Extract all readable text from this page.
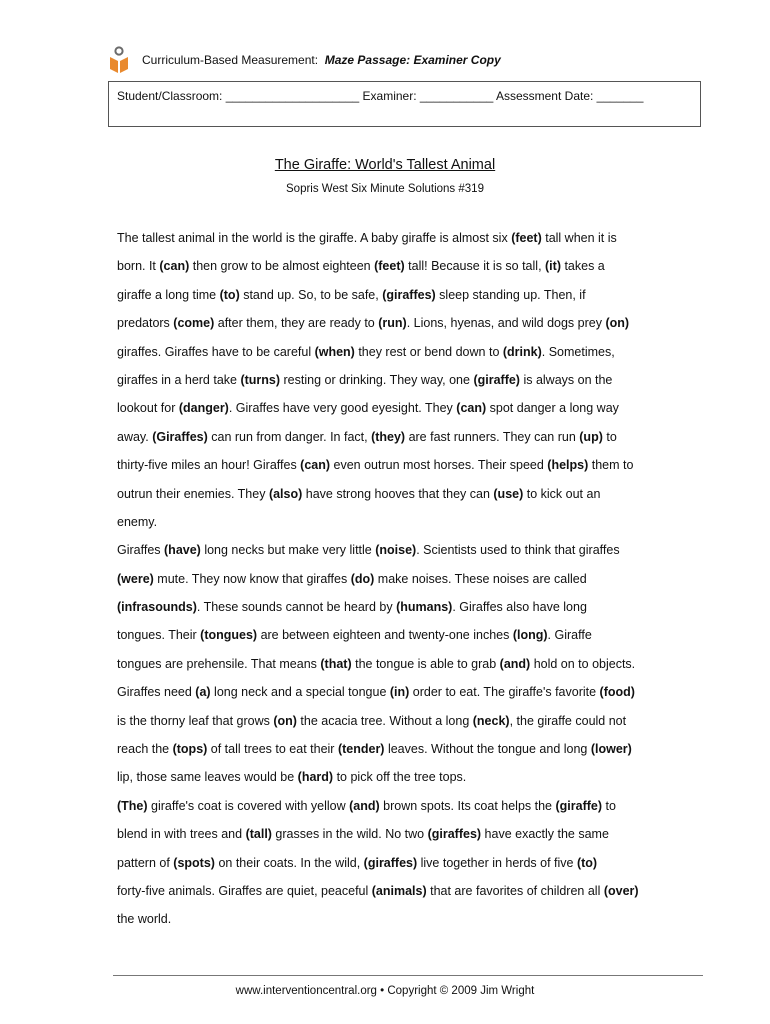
Curriculum-Based Measurement: Maze Passage: Examiner Copy
Student/Classroom: ____________________ Examiner: ___________ Assessment Date: _______
The Giraffe: World's Tallest Animal
Sopris West Six Minute Solutions #319
The tallest animal in the world is the giraffe. A baby giraffe is almost six (feet) tall when it is
born. It (can) then grow to be almost eighteen (feet) tall! Because it is so tall, (it) takes a
giraffe a long time (to) stand up. So, to be safe, (giraffes) sleep standing up. Then, if
predators (come) after them, they are ready to (run). Lions, hyenas, and wild dogs prey (on)
giraffes. Giraffes have to be careful (when) they rest or bend down to (drink). Sometimes,
giraffes in a herd take (turns) resting or drinking. They way, one (giraffe) is always on the
lookout for (danger). Giraffes have very good eyesight. They (can) spot danger a long way
away. (Giraffes) can run from danger. In fact, (they) are fast runners. They can run (up) to
thirty-five miles an hour! Giraffes (can) even outrun most horses. Their speed (helps) them to
outrun their enemies. They (also) have strong hooves that they can (use) to kick out an
enemy.
Giraffes (have) long necks but make very little (noise). Scientists used to think that giraffes
(were) mute. They now know that giraffes (do) make noises. These noises are called
(infrasounds). These sounds cannot be heard by (humans). Giraffes also have long
tongues. Their (tongues) are between eighteen and twenty-one inches (long). Giraffe
tongues are prehensile. That means (that) the tongue is able to grab (and) hold on to objects.
Giraffes need (a) long neck and a special tongue (in) order to eat. The giraffe's favorite (food)
is the thorny leaf that grows (on) the acacia tree. Without a long (neck), the giraffe could not
reach the (tops) of tall trees to eat their (tender) leaves. Without the tongue and long (lower)
lip, those same leaves would be (hard) to pick off the tree tops.
(The) giraffe's coat is covered with yellow (and) brown spots. Its coat helps the (giraffe) to
blend in with trees and (tall) grasses in the wild. No two (giraffes) have exactly the same
pattern of (spots) on their coats. In the wild, (giraffes) live together in herds of five (to)
forty-five animals. Giraffes are quiet, peaceful (animals) that are favorites of children all (over)
the world.
www.interventioncentral.org • Copyright © 2009 Jim Wright
